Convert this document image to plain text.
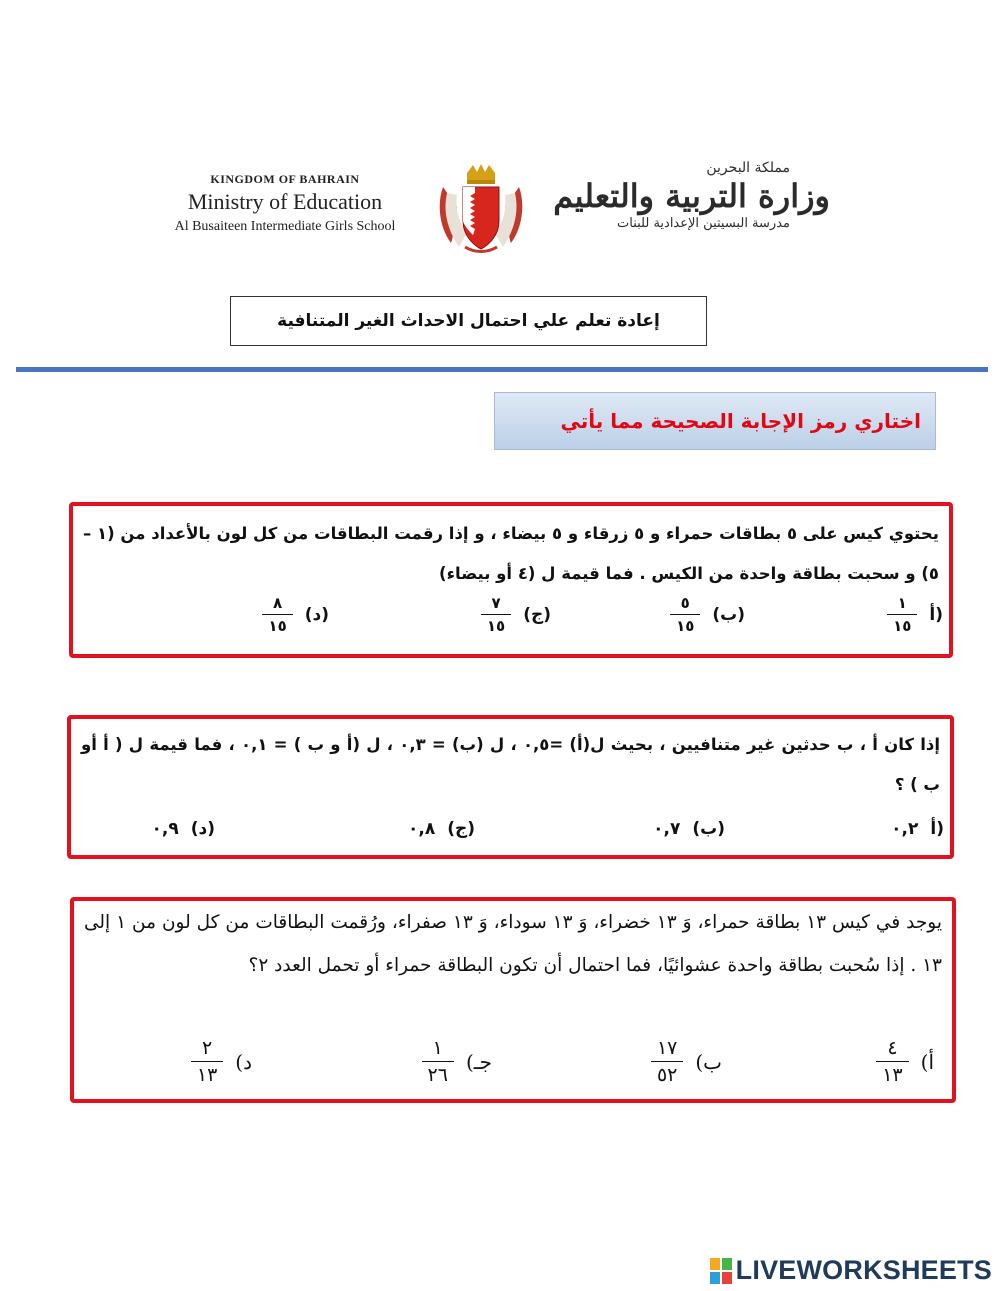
KINGDOM OF BAHRAIN
Ministry of Education
Al Busaiteen Intermediate Girls School
مملكة البحرين
وزارة التربية والتعليم
مدرسة البسيتين الإعدادية للبنات
إعادة تعلم علي احتمال الاحداث الغير المتنافية
اختاري رمز الإجابة الصحيحة مما يأتي
يحتوي كيس على ٥ بطاقات حمراء و ٥ زرقاء و ٥ بيضاء ، و إذا رقمت البطاقات من كل لون بالأعداد من (١ –٥) و سحبت بطاقة واحدة من الكيس . فما قيمة ل (٤ أو بيضاء)
(أ
$\frac{١}{١٥}$
(ب)
$\frac{٥}{١٥}$
(ج)
$\frac{٧}{١٥}$
(د)
$\frac{٨}{١٥}$
إذا كان أ ، ب حدثين غير متنافيين ، بحيث ل(أ) =٠,٥ ، ل (ب) = ٠,٣ ، ل (أ و ب ) = ٠,١ ، فما قيمة ل ( أ أو ب ) ؟
(أ
٠,٢
(ب)
٠,٧
(ج)
٠,٨
(د)
٠,٩
يوجد في كيس ١٣ بطاقة حمراء، وَ ١٣ خضراء، وَ ١٣ سوداء، وَ ١٣ صفراء، ورُقمت البطاقات من كل لون من ١ إلى ١٣ . إذا سُحبت بطاقة واحدة عشوائيًا، فما احتمال أن تكون البطاقة حمراء أو تحمل العدد ٢؟
أ)
$\frac{٤}{١٣}$
ب)
$\frac{١٧}{٥٢}$
جـ)
$\frac{١}{٢٦}$
د)
$\frac{٢}{١٣}$
LIVEWORKSHEETS
